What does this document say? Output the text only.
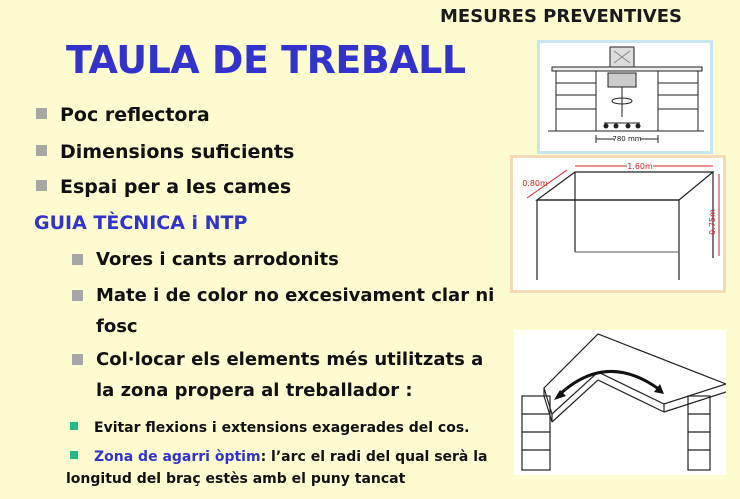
MESURES PREVENTIVES
TAULA DE TREBALL
Poc reflectora
Dimensions suficients
Espai per a les cames
GUIA TÈCNICA i NTP
Vores i cants arrodonits
Mate i de color no excesivament clar ni fosc
Col·locar els elements més utilitzats a la zona propera al treballador :
Evitar flexions i extensions exagerades del cos.
Zona de agarri òptim: l’arc el radi del qual serà la
longitud del braç estès amb el puny tancat
780 mm
1.60m
0.80m
0.75m
